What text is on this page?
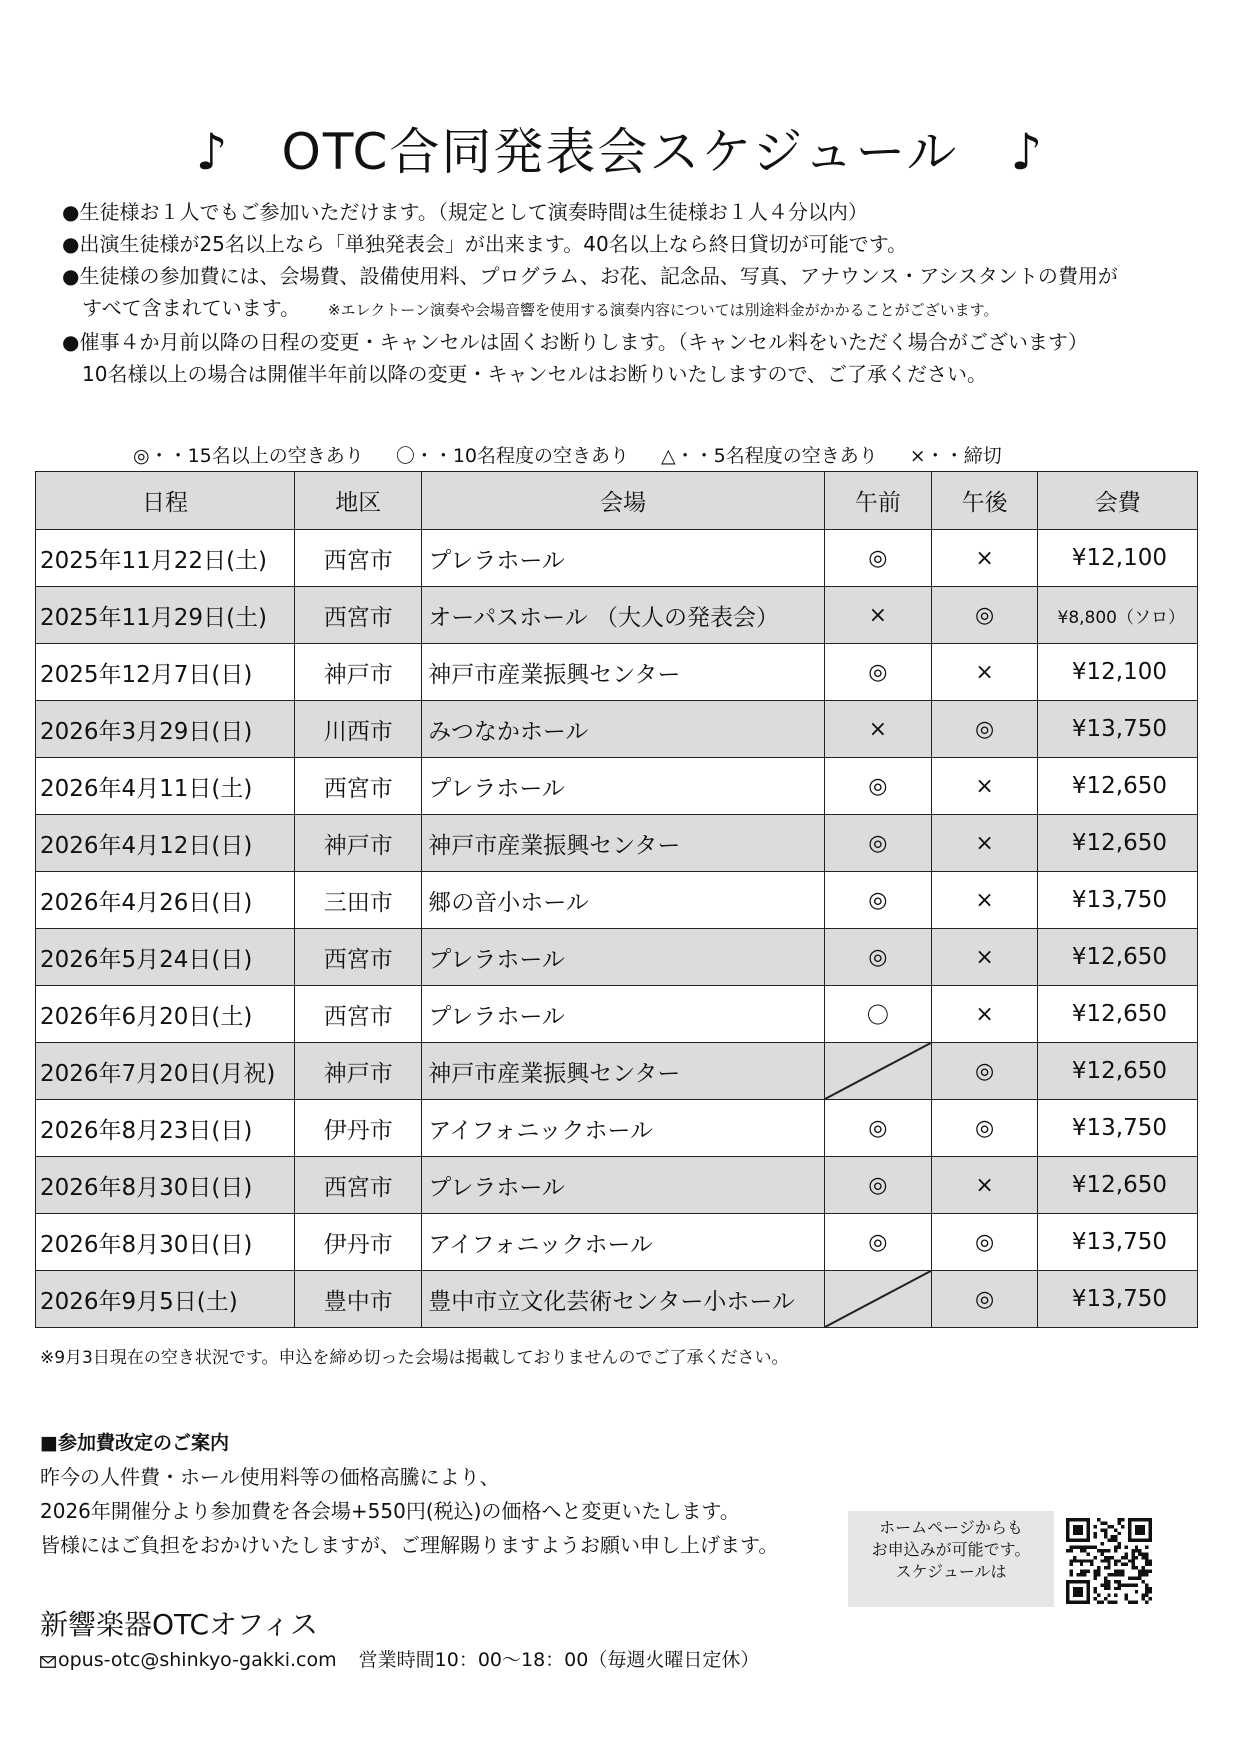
♪　OTC合同発表会スケジュール　♪
●生徒様お１人でもご参加いただけます。（規定として演奏時間は生徒様お１人４分以内）
●出演生徒様が25名以上なら「単独発表会」が出来ます。40名以上なら終日貸切が可能です。
●生徒様の参加費には、会場費、設備使用料、プログラム、お花、記念品、写真、アナウンス・アシスタントの費用が
すべて含まれています。 ※エレクトーン演奏や会場音響を使用する演奏内容については別途料金がかかることがございます。
●催事４か月前以降の日程の変更・キャンセルは固くお断りします。（キャンセル料をいただく場合がございます）
10名様以上の場合は開催半年前以降の変更・キャンセルはお断りいたしますので、ご了承ください。
◎・・15名以上の空きあり 〇・・10名程度の空きあり △・・5名程度の空きあり ×・・締切
日程	地区	会場	午前	午後	会費
2025年11月22日(土)	西宮市	プレラホール	◎	×	¥12,100
2025年11月29日(土)	西宮市	オーパスホール （大人の発表会）	×	◎	¥8,800（ソロ）
2025年12月7日(日)	神戸市	神戸市産業振興センター	◎	×	¥12,100
2026年3月29日(日)	川西市	みつなかホール	×	◎	¥13,750
2026年4月11日(土)	西宮市	プレラホール	◎	×	¥12,650
2026年4月12日(日)	神戸市	神戸市産業振興センター	◎	×	¥12,650
2026年4月26日(日)	三田市	郷の音小ホール	◎	×	¥13,750
2026年5月24日(日)	西宮市	プレラホール	◎	×	¥12,650
2026年6月20日(土)	西宮市	プレラホール	〇	×	¥12,650
2026年7月20日(月祝)	神戸市	神戸市産業振興センター		◎	¥12,650
2026年8月23日(日)	伊丹市	アイフォニックホール	◎	◎	¥13,750
2026年8月30日(日)	西宮市	プレラホール	◎	×	¥12,650
2026年8月30日(日)	伊丹市	アイフォニックホール	◎	◎	¥13,750
2026年9月5日(土)	豊中市	豊中市立文化芸術センター小ホール		◎	¥13,750
※9月3日現在の空き状況です。申込を締め切った会場は掲載しておりませんのでご了承ください。
■参加費改定のご案内
昨今の人件費・ホール使用料等の価格高騰により、
2026年開催分より参加費を各会場+550円(税込)の価格へと変更いたします。
皆様にはご負担をおかけいたしますが、ご理解賜りますようお願い申し上げます。
ホームページからも
お申込みが可能です。
スケジュールは
新響楽器OTCオフィス
opus-otc@shinkyo-gakki.com 営業時間10：00～18：00（毎週火曜日定休）
